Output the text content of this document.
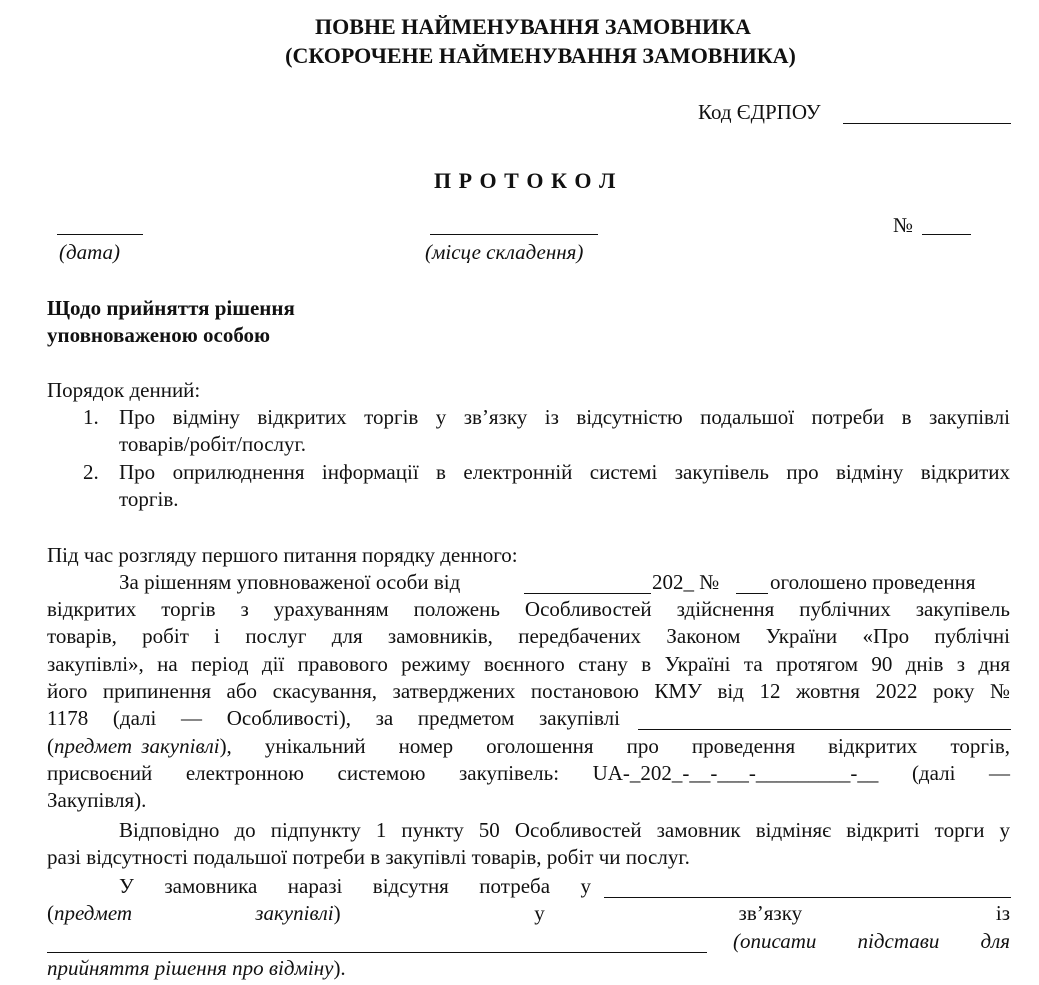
ПОВНЕ НАЙМЕНУВАННЯ ЗАМОВНИКА
(СКОРОЧЕНЕ НАЙМЕНУВАННЯ ЗАМОВНИКА)
Код ЄДРПОУ
П Р О Т О К О Л
(дата)	(місце складення)
№
Щодо прийняття рішення
уповноваженою особою
Порядок денний:
1. Про відміну відкритих торгів у зв’язку із відсутністю подальшої потреби в закупівлі
товарів/робіт/послуг.
2. Про оприлюднення інформації в електронній системі закупівель про відміну відкритих
торгів.
Під час розгляду першого питання порядку денного:
За рішенням уповноваженої особи від	202_ № оголошено проведення
відкритих торгів з урахуванням положень Особливостей здійснення публічних закупівель
товарів, робіт і послуг для замовників, передбачених Законом України «Про публічні
закупівлі», на період дії правового режиму воєнного стану в Україні та протягом 90 днів з дня
його припинення або скасування, затверджених постановою КМУ від 12 жовтня 2022 року №
1178 (далі — Особливості), за предметом закупівлі
( предмет закупівлі ), унікальний номер оголошення про проведення відкритих торгів,
присвоєний електронною системою закупівель: UA-_202_-__-___-_________-__ (далі —
Закупівля).
Відповідно до підпункту 1 пункту 50 Особливостей замовник відміняє відкриті торги у
разі відсутності подальшої потреби в закупівлі товарів, робіт чи послуг.
У замовника наразі відсутня потреба у
( предмет закупівлі ) у зв’язку із
(описати підстави для
прийняття рішення про відміну).
